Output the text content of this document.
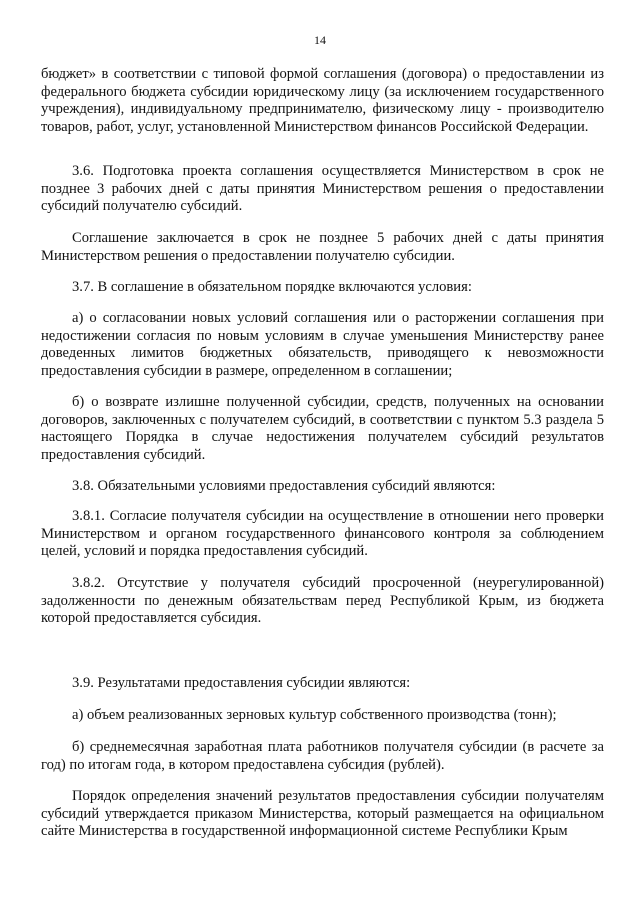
14

бюджет» в соответствии с типовой формой соглашения (договора) о предоставлении из федерального бюджета субсидии юридическому лицу (за исключением государственного учреждения), индивидуальному предпринимателю, физическому лицу - производителю товаров, работ, услуг, установленной Министерством финансов Российской Федерации.

3.6. Подготовка проекта соглашения осуществляется Министерством в срок не позднее 3 рабочих дней с даты принятия Министерством решения о предоставлении субсидий получателю субсидий.

Соглашение заключается в срок не позднее 5 рабочих дней с даты принятия Министерством решения о предоставлении получателю субсидии.

3.7. В соглашение в обязательном порядке включаются условия:

а) о согласовании новых условий соглашения или о расторжении соглашения при недостижении согласия по новым условиям в случае уменьшения Министерству ранее доведенных лимитов бюджетных обязательств, приводящего к невозможности предоставления субсидии в размере, определенном в соглашении;

б) о возврате излишне полученной субсидии, средств, полученных на основании договоров, заключенных с получателем субсидий, в соответствии с пунктом 5.3 раздела 5 настоящего Порядка в случае недостижения получателем субсидий результатов предоставления субсидий.

3.8. Обязательными условиями предоставления субсидий являются:

3.8.1. Согласие получателя субсидии на осуществление в отношении него проверки Министерством и органом государственного финансового контроля за соблюдением целей, условий и порядка предоставления субсидий.

3.8.2. Отсутствие у получателя субсидий просроченной (неурегулированной) задолженности по денежным обязательствам перед Республикой Крым, из бюджета которой предоставляется субсидия.

3.9. Результатами предоставления субсидии являются:

а) объем реализованных зерновых культур собственного производства (тонн);

б) среднемесячная заработная плата работников получателя субсидии (в расчете за год) по итогам года, в котором предоставлена субсидия (рублей).

Порядок определения значений результатов предоставления субсидии получателям субсидий утверждается приказом Министерства, который размещается на официальном сайте Министерства в государственной информационной системе Республики Крым
